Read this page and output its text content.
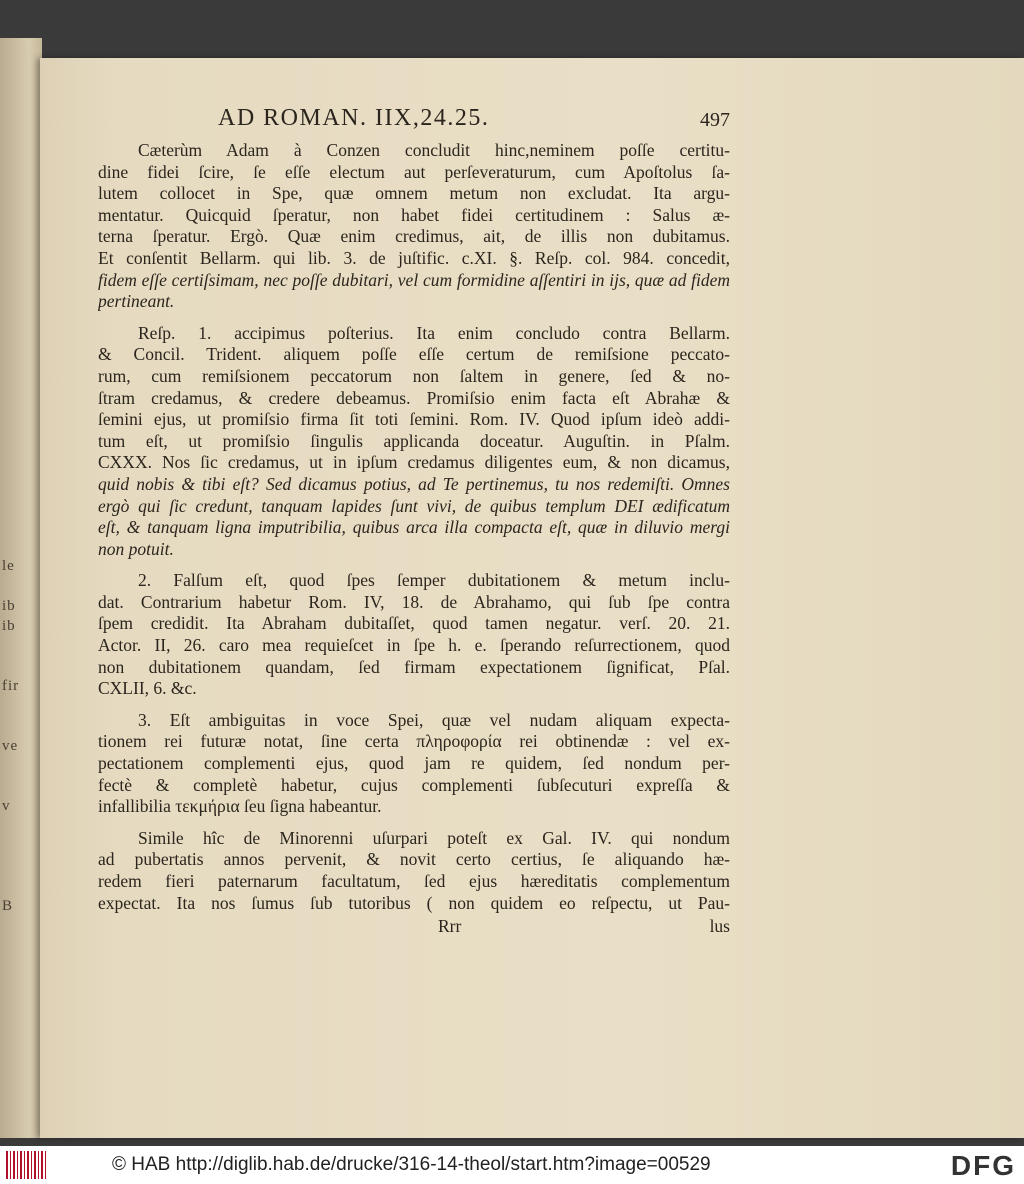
le
ib
ib
fir
ve
v
B
AD ROMAN. IIX,24.25.	497
Cæterùm Adam à Conzen concludit hinc,neminem poſſe certitu-
dine fidei ſcire, ſe eſſe electum aut perſeveraturum, cum Apoſtolus ſa-
lutem collocet in Spe, quæ omnem metum non excludat. Ita argu-
mentatur. Quicquid ſperatur, non habet fidei certitudinem : Salus æ-
terna ſperatur. Ergò. Quæ enim credimus, ait, de illis non dubitamus.
Et conſentit Bellarm. qui lib. 3. de juſtific. c.XI. §. Reſp. col. 984. concedit,
fidem eſſe certiſsimam, nec poſſe dubitari, vel cum formidine aſſentiri in ijs, quæ ad fidem
pertineant.
Reſp. 1. accipimus poſterius. Ita enim concludo contra Bellarm.
& Concil. Trident. aliquem poſſe eſſe certum de remiſsione peccato-
rum, cum remiſsionem peccatorum non ſaltem in genere, ſed & no-
ſtram credamus, & credere debeamus. Promiſsio enim facta eſt Abrahæ &
ſemini ejus, ut promiſsio firma ſit toti ſemini. Rom. IV. Quod ipſum ideò addi-
tum eſt, ut promiſsio ſingulis applicanda doceatur. Auguſtin. in Pſalm.
CXXX. Nos ſic credamus, ut in ipſum credamus diligentes eum, & non dicamus,
quid nobis & tibi eſt? Sed dicamus potius, ad Te pertinemus, tu nos redemiſti. Omnes
ergò qui ſic credunt, tanquam lapides ſunt vivi, de quibus templum DEI ædificatum
eſt, & tanquam ligna imputribilia, quibus arca illa compacta eſt, quæ in diluvio mergi
non potuit.
2. Falſum eſt, quod ſpes ſemper dubitationem & metum inclu-
dat. Contrarium habetur Rom. IV, 18. de Abrahamo, qui ſub ſpe contra
ſpem credidit. Ita Abraham dubitaſſet, quod tamen negatur. verſ. 20. 21.
Actor. II, 26. caro mea requieſcet in ſpe h. e. ſperando reſurrectionem, quod
non dubitationem quandam, ſed firmam expectationem ſignificat, Pſal.
CXLII, 6. &c.
3. Eſt ambiguitas in voce Spei, quæ vel nudam aliquam expecta-
tionem rei futuræ notat, ſine certa πληροφορία rei obtinendæ : vel ex-
pectationem complementi ejus, quod jam re quidem, ſed nondum per-
fectè & completè habetur, cujus complementi ſubſecuturi expreſſa &
infallibilia τεκμήρια ſeu ſigna habeantur.
Simile hîc de Minorenni uſurpari poteſt ex Gal. IV. qui nondum
ad pubertatis annos pervenit, & novit certo certius, ſe aliquando hæ-
redem fieri paternarum facultatum, ſed ejus hæreditatis complementum
expectat. Ita nos ſumus ſub tutoribus ( non quidem eo reſpectu, ut Pau-
Rrr	lus
© HAB http://diglib.hab.de/drucke/316-14-theol/start.htm?image=00529	DFG
